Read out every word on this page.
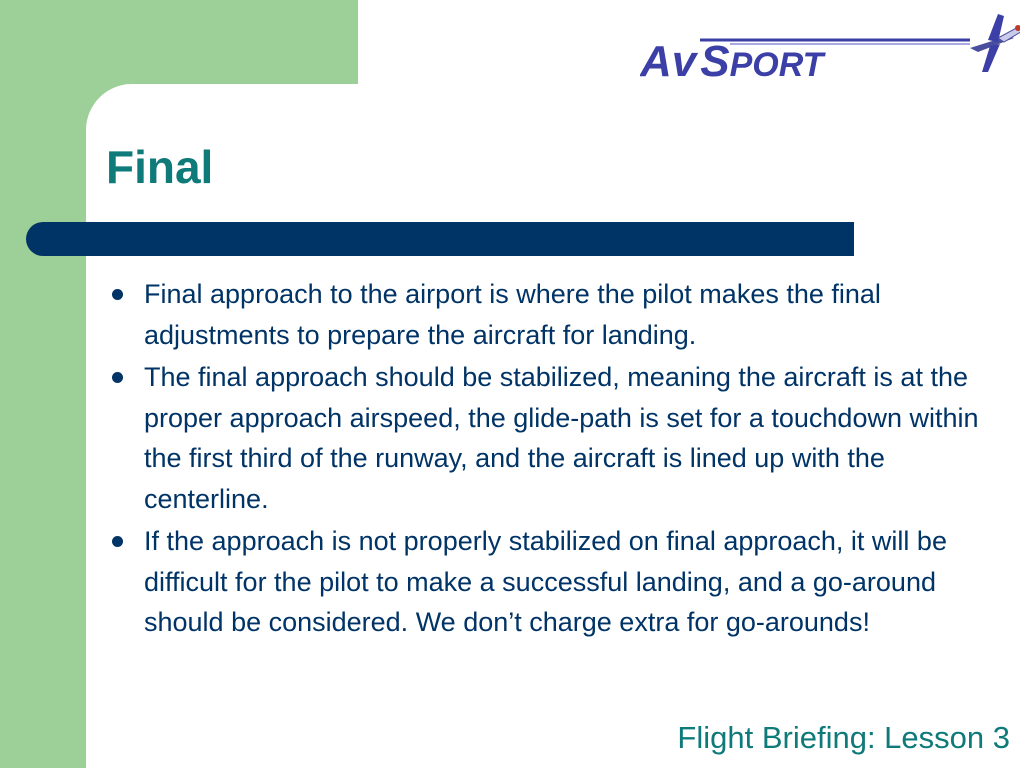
AvSPORT
Final
Final approach to the airport is where the pilot makes the final adjustments to prepare the aircraft for landing.
The final approach should be stabilized, meaning the aircraft is at the proper approach airspeed, the glide-path is set for a touchdown within the first third of the runway, and the aircraft is lined up with the centerline.
If the approach is not properly stabilized on final approach, it will be difficult for the pilot to make a successful landing, and a go-around should be considered. We don’t charge extra for go-arounds!
Flight Briefing: Lesson 3
